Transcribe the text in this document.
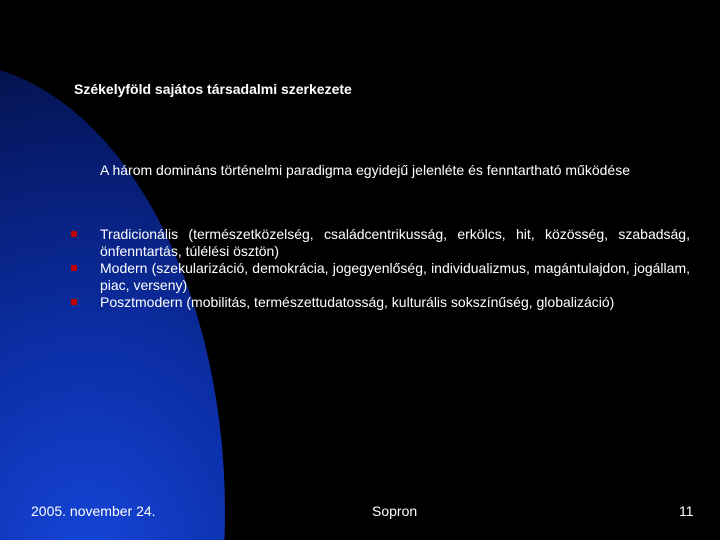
Székelyföld sajátos társadalmi szerkezete
A három domináns történelmi paradigma egyidejű jelenléte és fenntartható működése
Tradicionális (természetközelség, családcentrikusság, erkölcs, hit, közösség, szabadság, önfenntartás, túlélési ösztön)
Modern (szekularizáció, demokrácia, jogegyenlőség, individualizmus, magántulajdon, jogállam, piac, verseny)
Posztmodern (mobilitás, természettudatosság, kulturális sokszínűség, globalizáció)
2005. november 24.	Sopron	11
